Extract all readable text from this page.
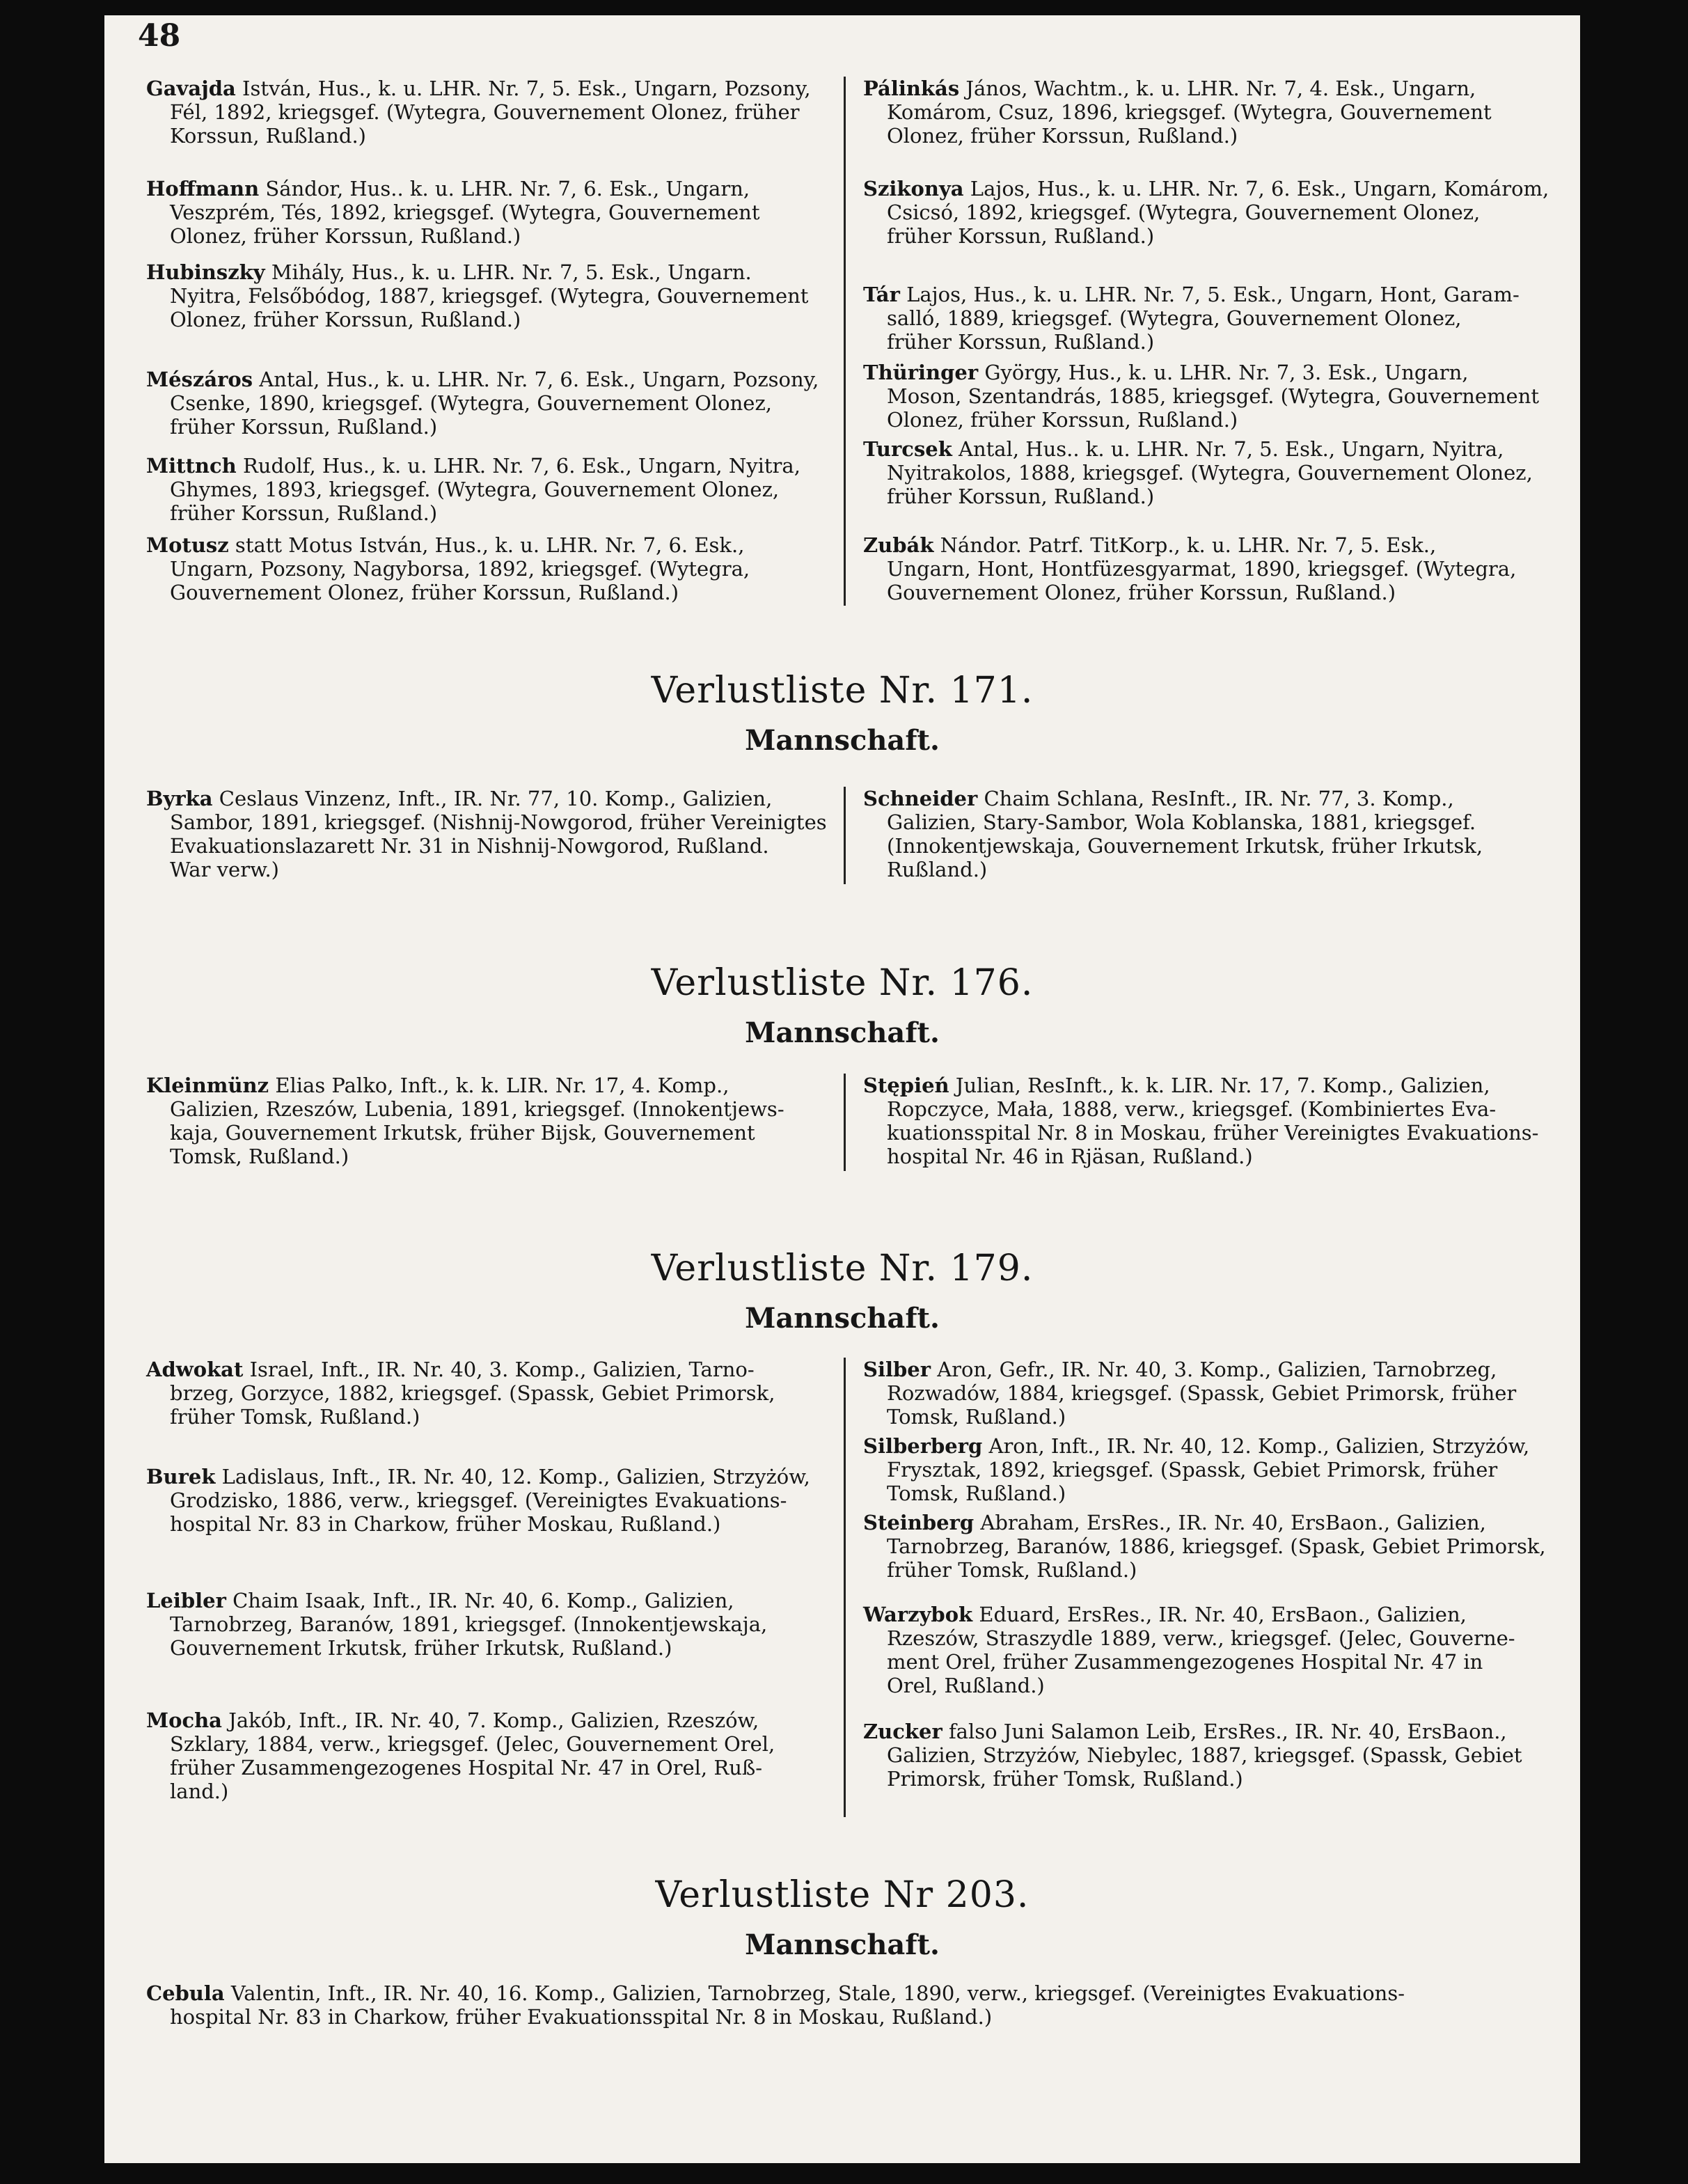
48
Gavajda István, Hus., k. u. LHR. Nr. 7, 5. Esk., Ungarn, Pozsony,
Fél, 1892, kriegsgef. (Wytegra, Gouvernement Olonez, früher
Korssun, Rußland.)
Hoffmann Sándor, Hus.. k. u. LHR. Nr. 7, 6. Esk., Ungarn,
Veszprém, Tés, 1892, kriegsgef. (Wytegra, Gouvernement
Olonez, früher Korssun, Rußland.)
Hubinszky Mihály, Hus., k. u. LHR. Nr. 7, 5. Esk., Ungarn.
Nyitra, Felsőbódog, 1887, kriegsgef. (Wytegra, Gouvernement
Olonez, früher Korssun, Rußland.)
Mészáros Antal, Hus., k. u. LHR. Nr. 7, 6. Esk., Ungarn, Pozsony,
Csenke, 1890, kriegsgef. (Wytegra, Gouvernement Olonez,
früher Korssun, Rußland.)
Mittnch Rudolf, Hus., k. u. LHR. Nr. 7, 6. Esk., Ungarn, Nyitra,
Ghymes, 1893, kriegsgef. (Wytegra, Gouvernement Olonez,
früher Korssun, Rußland.)
Motusz statt Motus István, Hus., k. u. LHR. Nr. 7, 6. Esk.,
Ungarn, Pozsony, Nagyborsa, 1892, kriegsgef. (Wytegra,
Gouvernement Olonez, früher Korssun, Rußland.)
Pálinkás János, Wachtm., k. u. LHR. Nr. 7, 4. Esk., Ungarn,
Komárom, Csuz, 1896, kriegsgef. (Wytegra, Gouvernement
Olonez, früher Korssun, Rußland.)
Szikonya Lajos, Hus., k. u. LHR. Nr. 7, 6. Esk., Ungarn, Komárom,
Csicsó, 1892, kriegsgef. (Wytegra, Gouvernement Olonez,
früher Korssun, Rußland.)
Tár Lajos, Hus., k. u. LHR. Nr. 7, 5. Esk., Ungarn, Hont, Garam-
salló, 1889, kriegsgef. (Wytegra, Gouvernement Olonez,
früher Korssun, Rußland.)
Thüringer György, Hus., k. u. LHR. Nr. 7, 3. Esk., Ungarn,
Moson, Szentandrás, 1885, kriegsgef. (Wytegra, Gouvernement
Olonez, früher Korssun, Rußland.)
Turcsek Antal, Hus.. k. u. LHR. Nr. 7, 5. Esk., Ungarn, Nyitra,
Nyitrakolos, 1888, kriegsgef. (Wytegra, Gouvernement Olonez,
früher Korssun, Rußland.)
Zubák Nándor. Patrf. TitKorp., k. u. LHR. Nr. 7, 5. Esk.,
Ungarn, Hont, Hontfüzesgyarmat, 1890, kriegsgef. (Wytegra,
Gouvernement Olonez, früher Korssun, Rußland.)
Verlustliste Nr. 171.
Mannschaft.
Byrka Ceslaus Vinzenz, Inft., IR. Nr. 77, 10. Komp., Galizien,
Sambor, 1891, kriegsgef. (Nishnij-Nowgorod, früher Vereinigtes
Evakuationslazarett Nr. 31 in Nishnij-Nowgorod, Rußland.
War verw.)
Schneider Chaim Schlana, ResInft., IR. Nr. 77, 3. Komp.,
Galizien, Stary-Sambor, Wola Koblanska, 1881, kriegsgef.
(Innokentjewskaja, Gouvernement Irkutsk, früher Irkutsk,
Rußland.)
Verlustliste Nr. 176.
Mannschaft.
Kleinmünz Elias Palko, Inft., k. k. LIR. Nr. 17, 4. Komp.,
Galizien, Rzeszów, Lubenia, 1891, kriegsgef. (Innokentjews-
kaja, Gouvernement Irkutsk, früher Bijsk, Gouvernement
Tomsk, Rußland.)
Stępień Julian, ResInft., k. k. LIR. Nr. 17, 7. Komp., Galizien,
Ropczyce, Mała, 1888, verw., kriegsgef. (Kombiniertes Eva-
kuationsspital Nr. 8 in Moskau, früher Vereinigtes Evakuations-
hospital Nr. 46 in Rjäsan, Rußland.)
Verlustliste Nr. 179.
Mannschaft.
Adwokat Israel, Inft., IR. Nr. 40, 3. Komp., Galizien, Tarno-
brzeg, Gorzyce, 1882, kriegsgef. (Spassk, Gebiet Primorsk,
früher Tomsk, Rußland.)
Burek Ladislaus, Inft., IR. Nr. 40, 12. Komp., Galizien, Strzyżów,
Grodzisko, 1886, verw., kriegsgef. (Vereinigtes Evakuations-
hospital Nr. 83 in Charkow, früher Moskau, Rußland.)
Leibler Chaim Isaak, Inft., IR. Nr. 40, 6. Komp., Galizien,
Tarnobrzeg, Baranów, 1891, kriegsgef. (Innokentjewskaja,
Gouvernement Irkutsk, früher Irkutsk, Rußland.)
Mocha Jakób, Inft., IR. Nr. 40, 7. Komp., Galizien, Rzeszów,
Szklary, 1884, verw., kriegsgef. (Jelec, Gouvernement Orel,
früher Zusammengezogenes Hospital Nr. 47 in Orel, Ruß-
land.)
Silber Aron, Gefr., IR. Nr. 40, 3. Komp., Galizien, Tarnobrzeg,
Rozwadów, 1884, kriegsgef. (Spassk, Gebiet Primorsk, früher
Tomsk, Rußland.)
Silberberg Aron, Inft., IR. Nr. 40, 12. Komp., Galizien, Strzyżów,
Frysztak, 1892, kriegsgef. (Spassk, Gebiet Primorsk, früher
Tomsk, Rußland.)
Steinberg Abraham, ErsRes., IR. Nr. 40, ErsBaon., Galizien,
Tarnobrzeg, Baranów, 1886, kriegsgef. (Spask, Gebiet Primorsk,
früher Tomsk, Rußland.)
Warzybok Eduard, ErsRes., IR. Nr. 40, ErsBaon., Galizien,
Rzeszów, Straszydle 1889, verw., kriegsgef. (Jelec, Gouverne-
ment Orel, früher Zusammengezogenes Hospital Nr. 47 in
Orel, Rußland.)
Zucker falso Juni Salamon Leib, ErsRes., IR. Nr. 40, ErsBaon.,
Galizien, Strzyżów, Niebylec, 1887, kriegsgef. (Spassk, Gebiet
Primorsk, früher Tomsk, Rußland.)
Verlustliste Nr 203.
Mannschaft.
Cebula Valentin, Inft., IR. Nr. 40, 16. Komp., Galizien, Tarnobrzeg, Stale, 1890, verw., kriegsgef. (Vereinigtes Evakuations-
hospital Nr. 83 in Charkow, früher Evakuationsspital Nr. 8 in Moskau, Rußland.)
